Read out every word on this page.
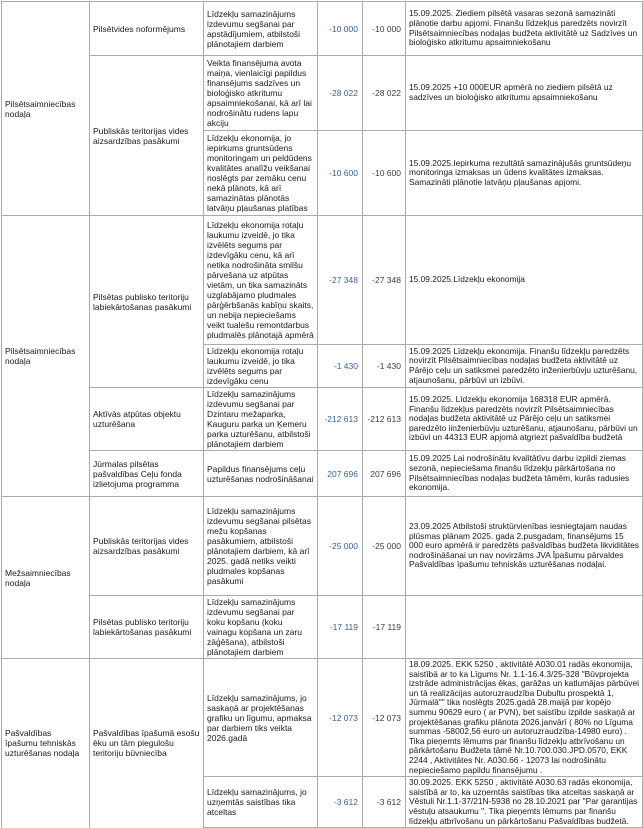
Pilsētsaimniecības nodaļa	Pilsētvides noformējums	Līdzekļu samazinājums izdevumu segšanai par apstādījumiem, atbilstoši plānotajiem darbiem	-10 000	-10 000	15.09.2025. Ziediem pilsētā vasaras sezonā samazināti plānotie darbu apjomi. Finanšu līdzekļus paredzēts novirzīt Pilsētsaimniecības nodaļas budžeta aktivitātē uz Sadzīves un bioloģisko atkritumu apsaimniekošanu
	Publiskās teritorijas vides aizsardzības pasākumi	Veikta finansējuma avota maiņa, vienlaicīgi papildus finansējums sadzīves un bioloģisko atkritumu apsaimniekošanai, kā arī lai nodrošinātu rudens lapu akciju	-28 022	-28 022	15.09.2025 +10 000EUR apmērā no ziediem pilsētā uz sadzīves un bioloģisko atkritumu apsaimniekošanu
		Līdzekļu ekonomija, jo iepirkums gruntsūdens monitoringam un peldūdens kvalitātes analīžu veikšanai noslēgts par zemāku cenu nekā plānots, kā arī samazinātas plānotās latvāņu pļaušanas platības	-10 600	-10 600	15.09.2025.Iepirkuma rezultātā samazinājušās gruntsūdeņu monitoringa izmaksas un ūdens kvalitātes izmaksas. Samazināti plānotie latvāņu pļaušanas apjomi.
Pilsētsaimniecības nodaļa	Pilsētas publisko teritoriju labiekārtošanas pasākumi	Līdzekļu ekonomija rotaļu laukumu izveidē, jo tika izvēlēts segums par izdevīgāku cenu, kā arī netika nodrošināta smilšu pārvešana uz atpūtas vietām, un tika samazināts uzglabājamo pludmales pārģērbšanās kabīņu skaits, un nebija nepieciešams veikt tualešu remontdarbus pludmalēs plānotajā apmērā	-27 348	-27 348	15.09.2025.Līdzekļu ekonomija
		Līdzekļu ekonomija rotaļu laukumu izveidē, jo tika izvēlēts segums par izdevīgāku cenu	-1 430	-1 430	15.09.2025 Līdzekļu ekonomija. Finanšu līdzekļu paredzēts novirzīt Pilsētsaimniecības nodaļas budžeta aktivitātē uz Pārējo ceļu un satiksmei paredzēto inženierbūvju uzturēšanu, atjaunošanu, pārbūvi un izbūvi.
	Aktīvās atpūtas objektu uzturēšana	Līdzekļu samazinājums izdevumu segšanai par Dzintaru mežaparka, Kauguru parka un Ķemeru parka uzturēšanu, atbilstoši plānotajiem darbiem	-212 613	-212 613	15.09.2025. Līdzekļu ekonomija 168318 EUR apmērā. Finanšu līdzekļus paredzēts novirzīt Pilsētsaimniecības nodaļas budžeta aktivitātē uz Pārējo ceļu un satiksmei paredzēto iinženierbūvju uzturēšanu, atjaunošanu, pārbūvi un izbūvi un 44313 EUR apjomā atgriezt pašvaldība budžetā
	Jūrmalas pilsētas pašvaldības Ceļu fonda izlietojuma programma	Papildus finansējums ceļu uzturēšanas nodrošināšanai	207 696	207 696	15.09.2025 Lai nodrošinātu kvalitātīvu darbu izpildi ziemas sezonā, nepieciešama finanšu līdzekļu pārkārtošana no Pilsētsaimniecības nodaļas budžeta tāmēm, kurās radusies ekonomija.
Mežsaimniecības nodaļa	Publiskās teritorijas vides aizsardzības pasākumi	Līdzekļu samazinājums izdevumu segšanai pilsētas mežu kopšanas pasākumiem, atbilstoši plānotajiem darbiem, kā arī 2025. gadā netiks veikti pludmales kopšanas pasākumi	-25 000	-25 000	23.09.2025 Atbilstoši struktūrvienības iesniegtajam naudas plūsmas plānam 2025. gada 2.pusgadam, finansējums 15 000 euro apmērā ir paredzēts pašvaldības budžeta likviditātes nodrošināšanai un nav novirzāms JVA Īpašumu pārvaldes Pašvaldības īpašumu tehniskās uzturēšanas nodaļai.
	Pilsētas publisko teritoriju labiekārtošanas pasākumi	Līdzekļu samazinājums izdevumu segšanai par koku kopšanu (koku vainagu kopšana un zaru zāģēšana), atbilstoši plānotajiem darbiem	-17 119	-17 119	
Pašvaldības īpašumu tehniskās uzturēšanas nodaļa	Pašvaldības īpašumā esošu ēku un tām piegulošu teritoriju būvniecība	Līdzekļu samazinājums, jo saskaņā ar projektēšanas grafiku un līgumu, apmaksa par darbiem tiks veikta 2026.gadā	-12 073	-12 073	18.09.2025. EKK 5250 , aktivitātē A030.01 radās ekonomija, saistībā ar to ka Līgums Nr. 1.1-16.4.3/25-328 "Būvprojekta izstrāde administrācijas ēkas, garāžas un katlumājas pārbūvei un tā realizācijas autoruzraudzība Dubultu prospektā 1, Jūrmalā"" tika noslēgts 2025.gadā 28.maijā par kopējo summu 90629 euro ( ar PVN), bet saistību izpilde saskaņā ar projektēšanas grafiku plānota 2026.janvārī ( 80% no Līguma summas -58002,56 euro un autoruzraudzība-14980 euro) . Tika pieņemts lēmums par finanšu līdzekļu atbrīvošanu un pārkārtošanu Budžeta tāmē Nr.10.700.030.JPD.0570, EKK 2244 , Aktivitātes Nr. A030.66 - 12073 lai nodrošinātu nepieciešamo papildu finansējumu .
		Līdzekļu samazinājums, jo uzņemtās saistības tika atceltas	-3 612	-3 612	30.09.2025. EKK 5250 , aktivitātē A030.63 radās ekonomija, saistībā ar to, ka uzņemtās saistības tika atceltas saskaņā ar Vēstuli Nr.1.1-37/21N-5938 no 28.10.2021 par "Par garantijas vēstuļu atsaukumu ". Tika pieņemts lēmums par finanšu līdzekļu atbrīvošanu un pārkārtošanu Pašvaldības budžetā.
